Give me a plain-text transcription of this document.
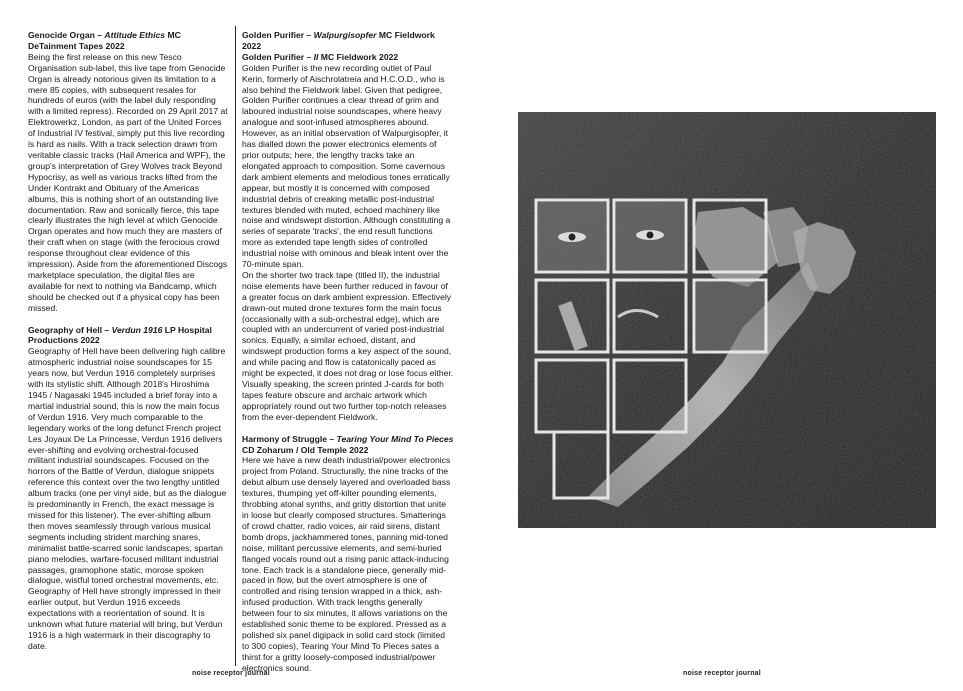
Genocide Organ – Attitude Ethics MC DeTainment Tapes 2022
Being the first release on this new Tesco Organisation sub-label, this live tape from Genocide Organ is already notorious given its limitation to a mere 85 copies, with subsequent resales for hundreds of euros (with the label duly responding with a limited repress). Recorded on 29 April 2017 at Elektrowerkz, London, as part of the United Forces of Industrial IV festival, simply put this live recording is hard as nails. With a track selection drawn from veritable classic tracks (Hail America and WPF), the group's interpretation of Grey Wolves track Beyond Hypocrisy, as well as various tracks lifted from the Under Kontrakt and Obituary of the Americas albums, this is nothing short of an outstanding live documentation. Raw and sonically fierce, this tape clearly illustrates the high level at which Genocide Organ operates and how much they are masters of their craft when on stage (with the ferocious crowd response throughout clear evidence of this impression). Aside from the aforementioned Discogs marketplace speculation, the digital files are available for next to nothing via Bandcamp, which should be checked out if a physical copy has been missed.
Geography of Hell – Verdun 1916 LP Hospital Productions 2022
Geography of Hell have been delivering high calibre atmospheric industrial noise soundscapes for 15 years now, but Verdun 1916 completely surprises with its stylistic shift. Although 2018's Hiroshima 1945 / Nagasaki 1945 included a brief foray into a martial industrial sound, this is now the main focus of Verdun 1916. Very much comparable to the legendary works of the long defunct French project Les Joyaux De La Princesse, Verdun 1916 delivers ever-shifting and evolving orchestral-focused militant industrial soundscapes. Focused on the horrors of the Battle of Verdun, dialogue snippets reference this context over the two lengthy untitled album tracks (one per vinyl side, but as the dialogue is predominantly in French, the exact message is missed for this listener). The ever-shifting album then moves seamlessly through various musical segments including strident marching snares, minimalist battle-scarred sonic landscapes, spartan piano melodies, warfare-focused militant industrial passages, gramophone static, morose spoken dialogue, wistful toned orchestral movements, etc. Geography of Hell have strongly impressed in their earlier output, but Verdun 1916 exceeds expectations with a reorientation of sound. It is unknown what future material will bring, but Verdun 1916 is a high watermark in their discography to date.
Golden Purifier – Walpurgisopfer MC Fieldwork 2022
Golden Purifier – II MC Fieldwork 2022
Golden Purifier is the new recording outlet of Paul Kerin, formerly of Aischrolatreia and H.C.O.D., who is also behind the Fieldwork label. Given that pedigree, Golden Purifier continues a clear thread of grim and laboured industrial noise soundscapes, where heavy analogue and soot-infused atmospheres abound. However, as an initial observation of Walpurgisopfer, it has dialled down the power electronics elements of prior outputs; here, the lengthy tracks take an elongated approach to composition. Some cavernous dark ambient elements and melodious tones erratically appear, but mostly it is concerned with composed industrial debris of creaking metallic post-industrial textures blended with muted, echoed machinery like noise and windswept distortion. Although constituting a series of separate 'tracks', the end result functions more as extended tape length sides of controlled industrial noise with ominous and bleak intent over the 70-minute span.
On the shorter two track tape (titled II), the industrial noise elements have been further reduced in favour of a greater focus on dark ambient expression. Effectively drawn-out muted drone textures form the main focus (occasionally with a sub-orchestral edge), which are coupled with an undercurrent of varied post-industrial sonics. Equally, a similar echoed, distant, and windswept production forms a key aspect of the sound, and while pacing and flow is catatonically paced as might be expected, it does not drag or lose focus either. Visually speaking, the screen printed J-cards for both tapes feature obscure and archaic artwork which appropriately round out two further top-notch releases from the ever-dependent Fieldwork.
Harmony of Struggle – Tearing Your Mind To Pieces CD Zoharum / Old Temple 2022
Here we have a new death industrial/power electronics project from Poland. Structurally, the nine tracks of the debut album use densely layered and overloaded bass textures, thumping yet off-kilter pounding elements, throbbing atonal synths, and gritty distortion that unite in loose but clearly composed structures. Smatterings of crowd chatter, radio voices, air raid sirens, distant bomb drops, jackhammered tones, panning mid-toned noise, militant percussive elements, and semi-buried flanged vocals round out a rising panic attack-inducing tone. Each track is a standalone piece, generally mid-paced in flow, but the overt atmosphere is one of controlled and rising tension wrapped in a thick, ash-infused production. With track lengths generally between four to six minutes, it allows variations on the established sonic theme to be explored. Pressed as a polished six panel digipack in solid card stock (limited to 300 copies), Tearing Your Mind To Pieces sates a thirst for a gritty loosely-composed industrial/power electronics sound.
noise receptor journal	noise receptor journal
